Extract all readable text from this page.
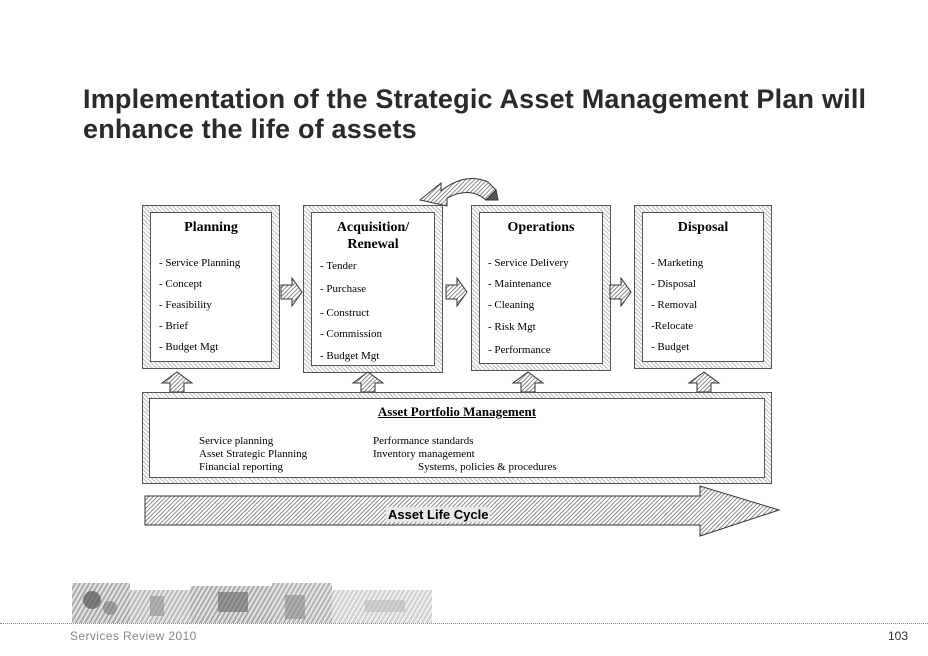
Implementation of the Strategic Asset Management Plan will
enhance the life of assets
Planning
- Service Planning
- Concept
- Feasibility
- Brief
- Budget Mgt
Acquisition/
Renewal
- Tender
- Purchase
- Construct
- Commission
- Budget Mgt
Operations
- Service Delivery
- Maintenance
- Cleaning
- Risk Mgt
- Performance
Disposal
- Marketing
- Disposal
- Removal
-Relocate
- Budget
Asset Portfolio Management
Service planning
Asset Strategic Planning
Financial reporting
Performance standards
Inventory management
Systems, policies & procedures
Asset Life Cycle
Services Review 2010	103
